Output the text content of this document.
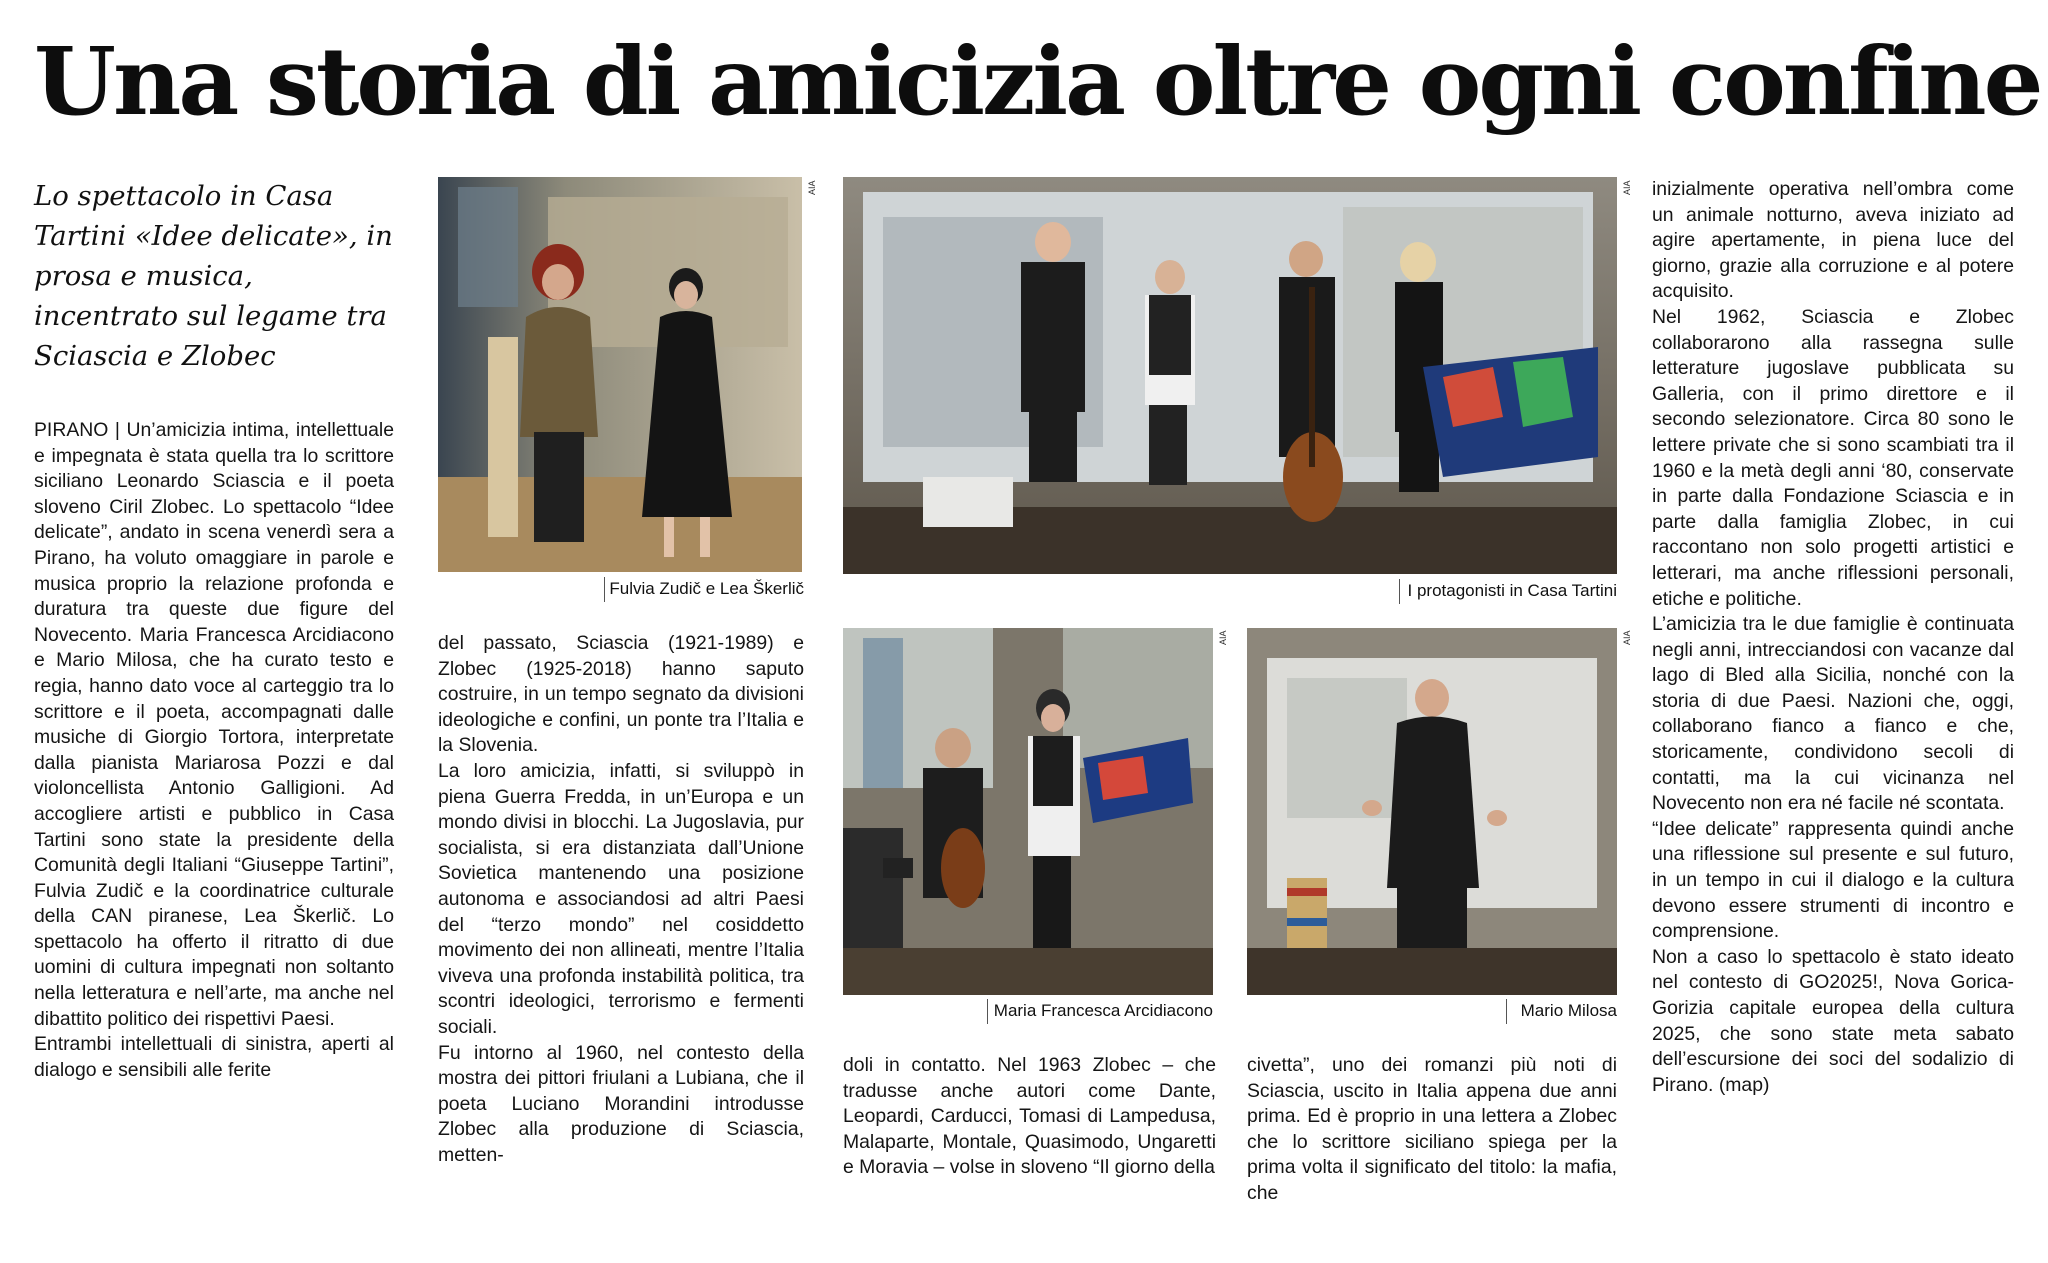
Una storia di amicizia oltre ogni confine
Lo spettacolo in Casa Tartini «Idee delicate», in prosa e musica, incentrato sul legame tra Sciascia e Zlobec

PIRANO | Un’amicizia intima, intellettuale e impegnata è stata quella tra lo scrittore siciliano Leonardo Sciascia e il poeta sloveno Ciril Zlobec. Lo spettacolo “Idee delicate”, andato in scena venerdì sera a Pirano, ha voluto omaggiare in parole e musica proprio la relazione profonda e duratura tra queste due figure del Novecento. Maria Francesca Arcidiacono e Mario Milosa, che ha curato testo e regia, hanno dato voce al carteggio tra lo scrittore e il poeta, accompagnati dalle musiche di Giorgio Tortora, interpretate dalla pianista Mariarosa Pozzi e dal violoncellista Antonio Galligioni. Ad accogliere artisti e pubblico in Casa Tartini sono state la presidente della Comunità degli Italiani “Giuseppe Tartini”, Fulvia Zudič e la coordinatrice culturale della CAN piranese, Lea Škerlič. Lo spettacolo ha offerto il ritratto di due uomini di cultura impegnati non soltanto nella letteratura e nell’arte, ma anche nel dibattito politico dei rispettivi Paesi.

Entrambi intellettuali di sinistra, aperti al dialogo e sensibili alle ferite

AIA
Fulvia Zudič e Lea Škerlič
AIA
I protagonisti in Casa Tartini
AIA
Maria Francesca Arcidiacono
AIA
Mario Milosa

del passato, Sciascia (1921-1989) e Zlobec (1925-2018) hanno saputo costruire, in un tempo segnato da divisioni ideologiche e confini, un ponte tra l’Italia e la Slovenia.

La loro amicizia, infatti, si sviluppò in piena Guerra Fredda, in un’Europa e un mondo divisi in blocchi. La Jugoslavia, pur socialista, si era distanziata dall’Unione Sovietica mantenendo una posizione autonoma e associandosi ad altri Paesi del “terzo mondo” nel cosiddetto movimento dei non allineati, mentre l’Italia viveva una profonda instabilità politica, tra scontri ideologici, terrorismo e fermenti sociali.

Fu intorno al 1960, nel contesto della mostra dei pittori friulani a Lubiana, che il poeta Luciano Morandini introdusse Zlobec alla produzione di Sciascia, metten-

doli in contatto. Nel 1963 Zlobec – che tradusse anche autori come Dante, Leopardi, Carducci, Tomasi di Lampedusa, Malaparte, Montale, Quasimodo, Ungaretti e Moravia – volse in sloveno “Il giorno della

civetta”, uno dei romanzi più noti di Sciascia, uscito in Italia appena due anni prima. Ed è proprio in una lettera a Zlobec che lo scrittore siciliano spiega per la prima volta il significato del titolo: la mafia, che

inizialmente operativa nell’ombra come un animale notturno, aveva iniziato ad agire apertamente, in piena luce del giorno, grazie alla corruzione e al potere acquisito.

Nel 1962, Sciascia e Zlobec collaborarono alla rassegna sulle letterature jugoslave pubblicata su Galleria, con il primo direttore e il secondo selezionatore. Circa 80 sono le lettere private che si sono scambiati tra il 1960 e la metà degli anni ‘80, conservate in parte dalla Fondazione Sciascia e in parte dalla famiglia Zlobec, in cui raccontano non solo progetti artistici e letterari, ma anche riflessioni personali, etiche e politiche.

L’amicizia tra le due famiglie è continuata negli anni, intrecciandosi con vacanze dal lago di Bled alla Sicilia, nonché con la storia di due Paesi. Nazioni che, oggi, collaborano fianco a fianco e che, storicamente, condividono secoli di contatti, ma la cui vicinanza nel Novecento non era né facile né scontata.

“Idee delicate” rappresenta quindi anche una riflessione sul presente e sul futuro, in un tempo in cui il dialogo e la cultura devono essere strumenti di incontro e comprensione.

Non a caso lo spettacolo è stato ideato nel contesto di GO2025!, Nova Gorica-Gorizia capitale europea della cultura 2025, che sono state meta sabato dell’escursione dei soci del sodalizio di Pirano. (map)
